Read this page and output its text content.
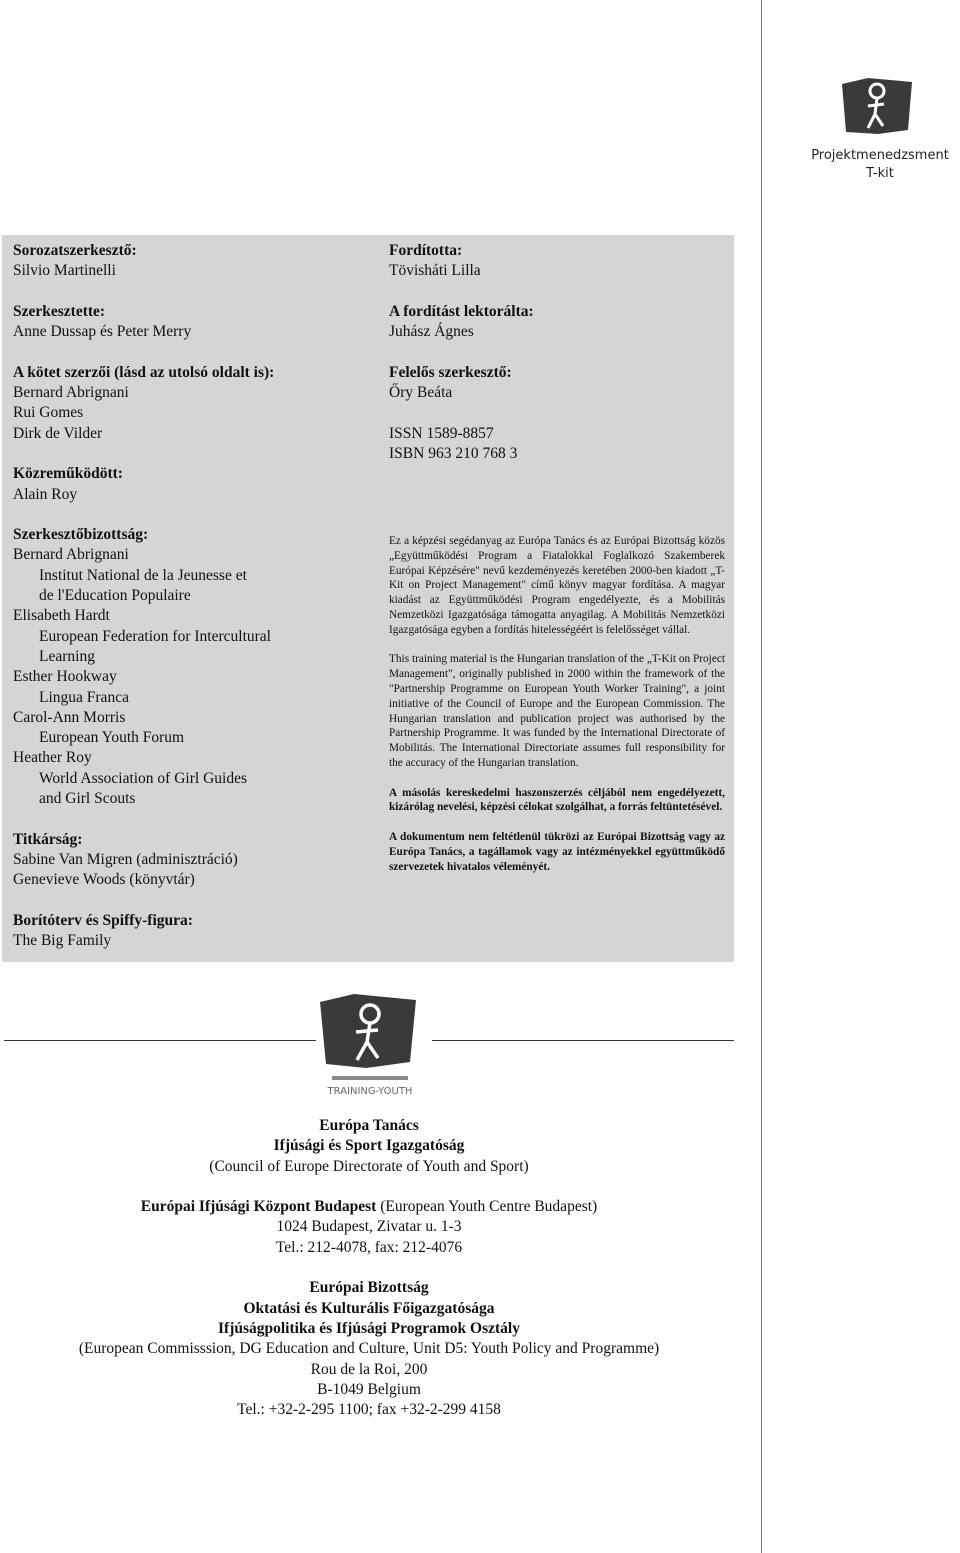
Projektmenedzsment
T-kit
Sorozatszerkesztő:
Silvio Martinelli
Szerkesztette:
Anne Dussap és Peter Merry
A kötet szerzői (lásd az utolsó oldalt is):
Bernard Abrignani
Rui Gomes
Dirk de Vilder
Közreműködött:
Alain Roy
Szerkesztőbizottság:
Bernard Abrignani
Institut National de la Jeunesse et
de l'Education Populaire
Elisabeth Hardt
European Federation for Intercultural
Learning
Esther Hookway
Lingua Franca
Carol-Ann Morris
European Youth Forum
Heather Roy
World Association of Girl Guides
and Girl Scouts
Titkárság:
Sabine Van Migren (adminisztráció)
Genevieve Woods (könyvtár)
Borítóterv és Spiffy-figura:
The Big Family
Fordította:
Tövisháti Lilla
A fordítást lektorálta:
Juhász Ágnes
Felelős szerkesztő:
Őry Beáta
ISSN 1589-8857
ISBN 963 210 768 3

Ez a képzési segédanyag az Európa Tanács és az Európai Bizottság közös „Együttműködési Program a Fiatalokkal Foglalkozó Szakemberek Európai Képzésére" nevű kezdeményezés keretében 2000-ben kiadott „T-Kit on Project Management" című könyv magyar fordítása. A magyar kiadást az Együttműködési Program engedélyezte, és a Mobilitás Nemzetközi Igazgatósága támogatta anyagilag. A Mobilitás Nemzetközi Igazgatósága egyben a fordítás hitelességéért is felelősséget vállal.

This training material is the Hungarian translation of the „T-Kit on Project Management", originally published in 2000 within the framework of the "Partnership Programme on European Youth Worker Training", a joint initiative of the Council of Europe and the European Commission. The Hungarian translation and publication project was authorised by the Partnership Programme. It was funded by the International Directorate of Mobilitás. The International Directoriate assumes full responsibility for the accuracy of the Hungarian translation.

A másolás kereskedelmi haszonszerzés céljából nem engedélyezett, kizárólag nevelési, képzési célokat szolgálhat, a forrás feltüntetésével.

A dokumentum nem feltétlenül tükrözi az Európai Bizottság vagy az Európa Tanács, a tagállamok vagy az intézményekkel együttműködő szervezetek hivatalos véleményét.

TRAINING-YOUTH
Európa Tanács
Ifjúsági és Sport Igazgatóság
(Council of Europe Directorate of Youth and Sport)
Európai Ifjúsági Központ Budapest (European Youth Centre Budapest)
1024 Budapest, Zivatar u. 1-3
Tel.: 212-4078, fax: 212-4076
Európai Bizottság
Oktatási és Kulturális Főigazgatósága
Ifjúságpolitika és Ifjúsági Programok Osztály
(European Commisssion, DG Education and Culture, Unit D5: Youth Policy and Programme)
Rou de la Roi, 200
B-1049 Belgium
Tel.: +32-2-295 1100; fax +32-2-299 4158
